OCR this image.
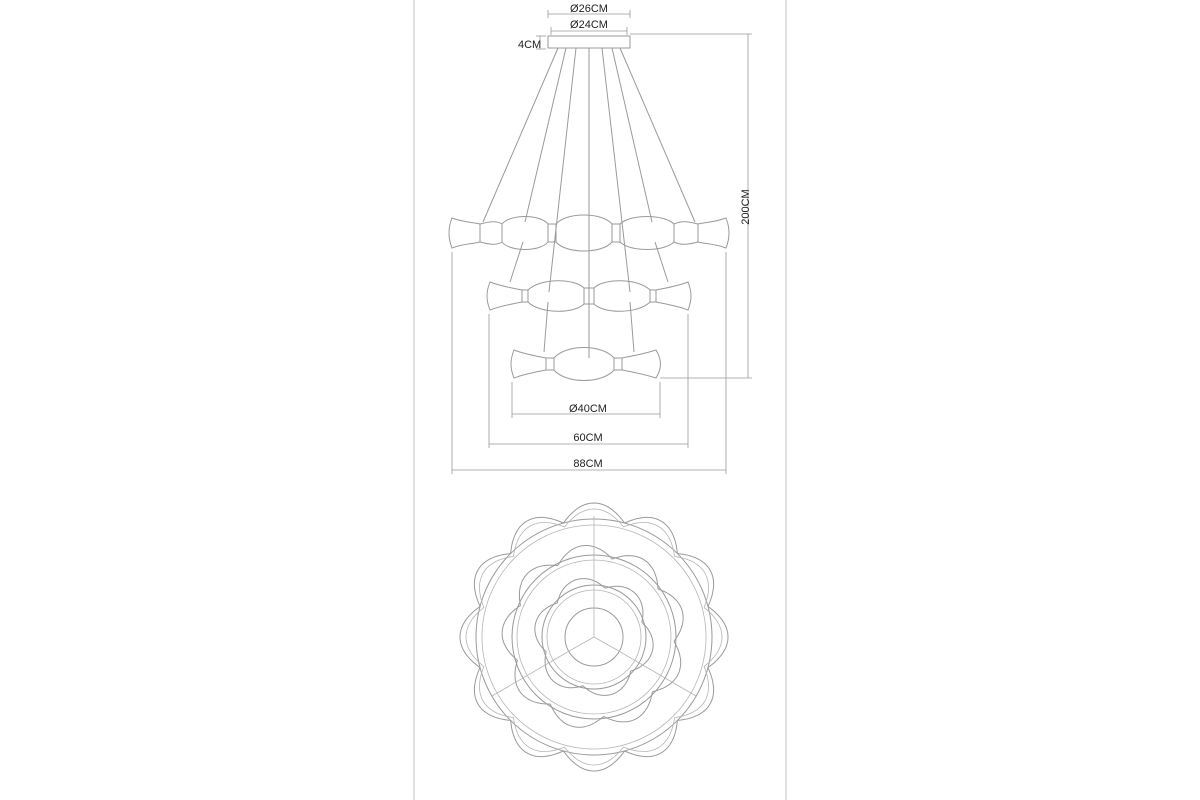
Ø26CM
Ø24CM
4CM
200CM
Ø40CM
60CM
88CM
